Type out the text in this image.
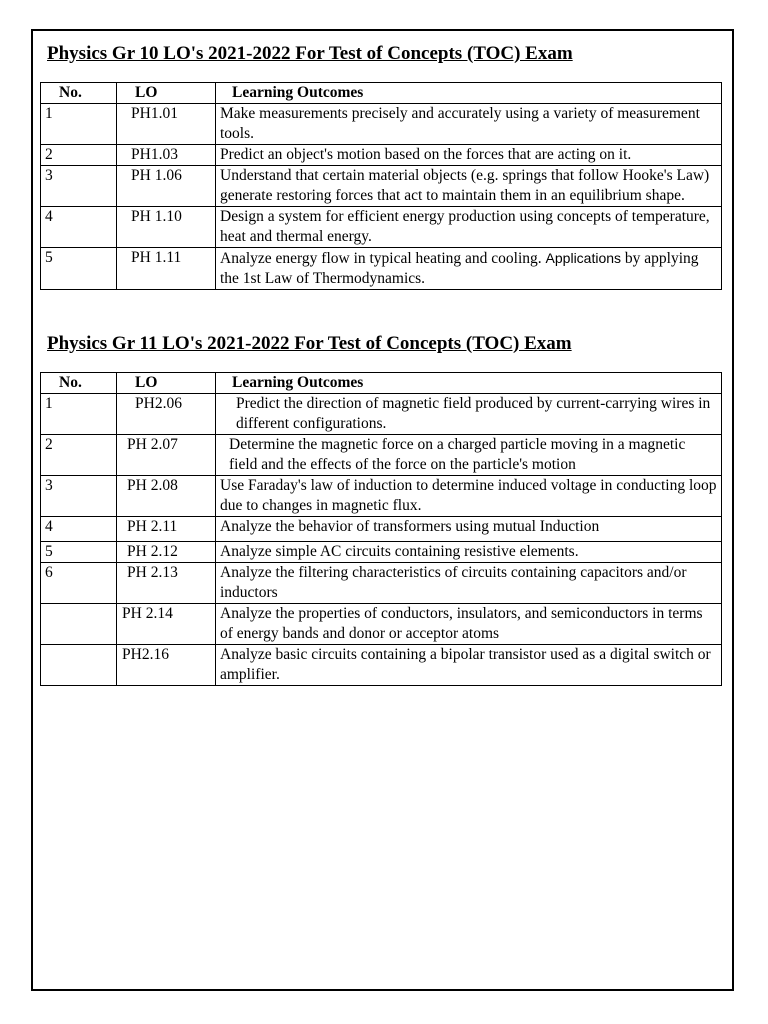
Physics Gr 10 LO's 2021-2022 For Test of Concepts (TOC) Exam

No.	LO	Learning Outcomes
1	PH1.01	Make measurements precisely and accurately using a variety of measurement tools.
2	PH1.03	Predict an object's motion based on the forces that are acting on it.
3	PH 1.06	Understand that certain material objects (e.g. springs that follow Hooke's Law) generate restoring forces that act to maintain them in an equilibrium shape.
4	PH 1.10	Design a system for efficient energy production using concepts of temperature, heat and thermal energy.
5	PH 1.11	Analyze energy flow in typical heating and cooling. Applications by applying the 1st Law of Thermodynamics.

Physics Gr 11 LO's 2021-2022 For Test of Concepts (TOC) Exam

No.	LO	Learning Outcomes
1	PH2.06	Predict the direction of magnetic field produced by current-carrying wires in different configurations.
2	PH 2.07	Determine the magnetic force on a charged particle moving in a magnetic field and the effects of the force on the particle's motion
3	PH 2.08	Use Faraday's law of induction to determine induced voltage in conducting loop due to changes in magnetic flux.
4	PH 2.11	Analyze the behavior of transformers using mutual Induction
5	PH 2.12	Analyze simple AC circuits containing resistive elements.
6	PH 2.13	Analyze the filtering characteristics of circuits containing capacitors and/or inductors
	PH 2.14	Analyze the properties of conductors, insulators, and semiconductors in terms of energy bands and donor or acceptor atoms
	PH2.16	Analyze basic circuits containing a bipolar transistor used as a digital switch or amplifier.
